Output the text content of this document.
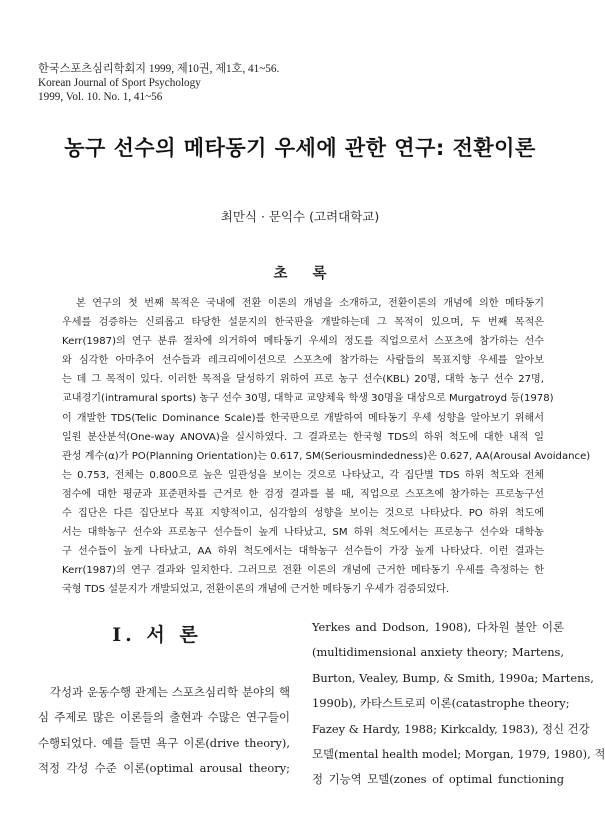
한국스포츠심리학회지 1999, 제10권, 제1호, 41~56.
Korean Journal of Sport Psychology
1999, Vol. 10. No. 1, 41~56
농구 선수의 메타동기 우세에 관한 연구: 전환이론
최만식 · 문익수 (고려대학교)
초 록
본 연구의 첫 번째 목적은 국내에 전환 이론의 개념을 소개하고, 전환이론의 개념에 의한 메타동기
우세를 검증하는 신뢰롭고 타당한 설문지의 한국판을 개발하는데 그 목적이 있으며, 두 번째 목적은
Kerr(1987)의 연구 분류 절차에 의거하여 메타동기 우세의 정도를 직업으로서 스포츠에 참가하는 선수
와 심각한 아마추어 선수들과 레크리에이션으로 스포츠에 참가하는 사람들의 목표지향 우세를 알아보
는 데 그 목적이 있다. 이러한 목적을 달성하기 위하여 프로 농구 선수(KBL) 20명, 대학 농구 선수 27명,
교내경기(intramural sports) 농구 선수 30명, 대학교 교양체육 학생 30명을 대상으로 Murgatroyd 등(1978)
이 개발한 TDS(Telic Dominance Scale)를 한국판으로 개발하여 메타동기 우세 성향을 알아보기 위해서
일원 분산분석(One-way ANOVA)을 실시하였다. 그 결과로는 한국형 TDS의 하위 척도에 대한 내적 일
관성 계수(α)가 PO(Planning Orientation)는 0.617, SM(Seriousmindedness)은 0.627, AA(Arousal Avoidance)
는 0.753, 전체는 0.800으로 높은 일관성을 보이는 것으로 나타났고, 각 집단별 TDS 하위 척도와 전체
점수에 대한 평균과 표준편차를 근거로 한 검정 결과를 볼 때, 직업으로 스포츠에 참가하는 프로농구선
수 집단은 다른 집단보다 목표 지향적이고, 심각함의 성향을 보이는 것으로 나타났다. PO 하위 척도에
서는 대학농구 선수와 프로농구 선수들이 높게 나타났고, SM 하위 척도에서는 프로농구 선수와 대학농
구 선수들이 높게 나타났고, AA 하위 척도에서는 대학농구 선수들이 가장 높게 나타났다. 이런 결과는
Kerr(1987)의 연구 결과와 일치한다. 그러므로 전환 이론의 개념에 근거한 메타동기 우세를 측정하는 한
국형 TDS 설문지가 개발되었고, 전환이론의 개념에 근거한 메타동기 우세가 검증되었다.
Ⅰ. 서 론
각성과 운동수행 관계는 스포츠심리학 분야의 핵
심 주제로 많은 이론들의 출현과 수많은 연구들이
수행되었다. 예를 들면 욕구 이론(drive theory),
적정 각성 수준 이론(optimal arousal theory;
Yerkes and Dodson, 1908), 다차원 불안 이론
(multidimensional anxiety theory; Martens,
Burton, Vealey, Bump, & Smith, 1990a; Martens,
1990b), 카타스트로피 이론(catastrophe theory;
Fazey & Hardy, 1988; Kirkcaldy, 1983), 정신 건강
모델(mental health model; Morgan, 1979, 1980), 적
정 기능역 모델(zones of optimal functioning
